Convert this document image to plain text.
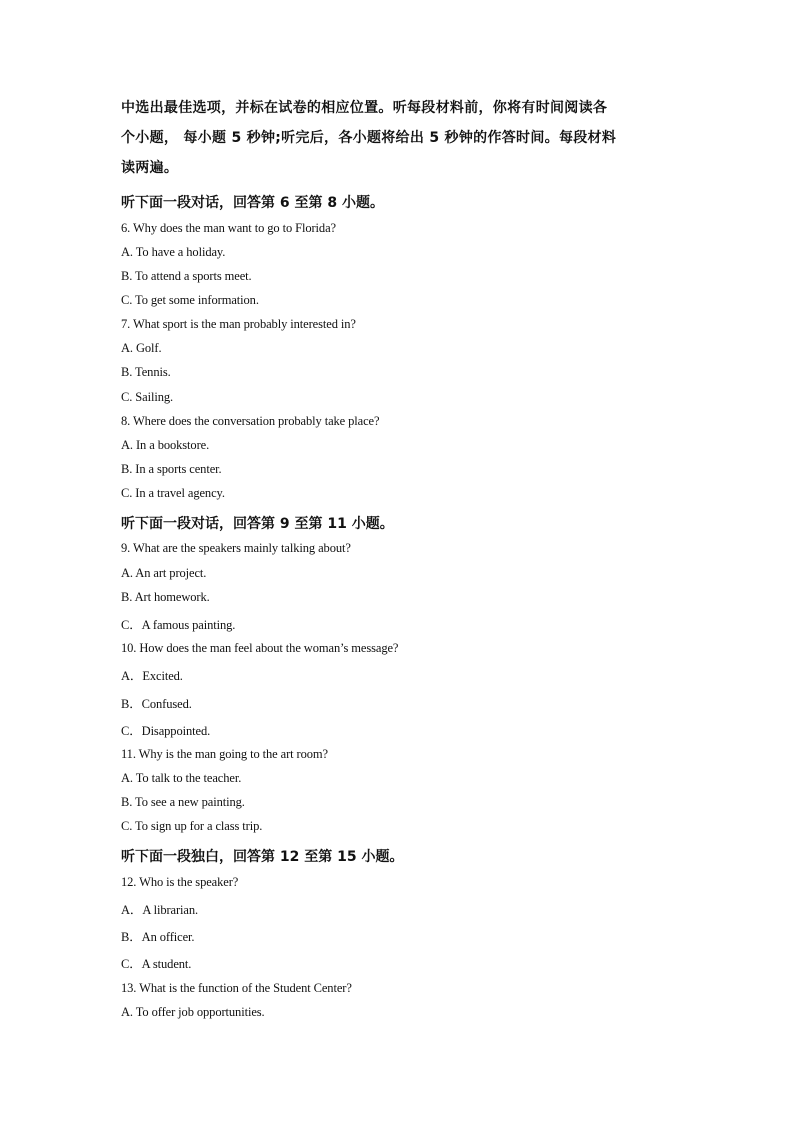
中选出最佳选项，并标在试卷的相应位置。听每段材料前，你将有时间阅读各

个小题， 每小题 5 秒钟;听完后，各小题将给出 5 秒钟的作答时间。每段材料

读两遍。

听下面一段对话，回答第 6 至第 8 小题。
6. Why does the man want to go to Florida?
A. To have a holiday.
B. To attend a sports meet.
C. To get some information.
7. What sport is the man probably interested in?
A. Golf.
B. Tennis.
C. Sailing.
8. Where does the conversation probably take place?
A. In a bookstore.
B. In a sports center.
C. In a travel agency.
听下面一段对话，回答第 9 至第 11 小题。
9. What are the speakers mainly talking about?
A. An art project.
B. Art homework.
C．A famous painting.
10. How does the man feel about the woman’s message?
A．Excited.
B．Confused.
C．Disappointed.
11. Why is the man going to the art room?
A. To talk to the teacher.
B. To see a new painting.
C. To sign up for a class trip.
听下面一段独白，回答第 12 至第 15 小题。
12. Who is the speaker?
A．A librarian.
B．An officer.
C．A student.
13. What is the function of the Student Center?
A. To offer job opportunities.
